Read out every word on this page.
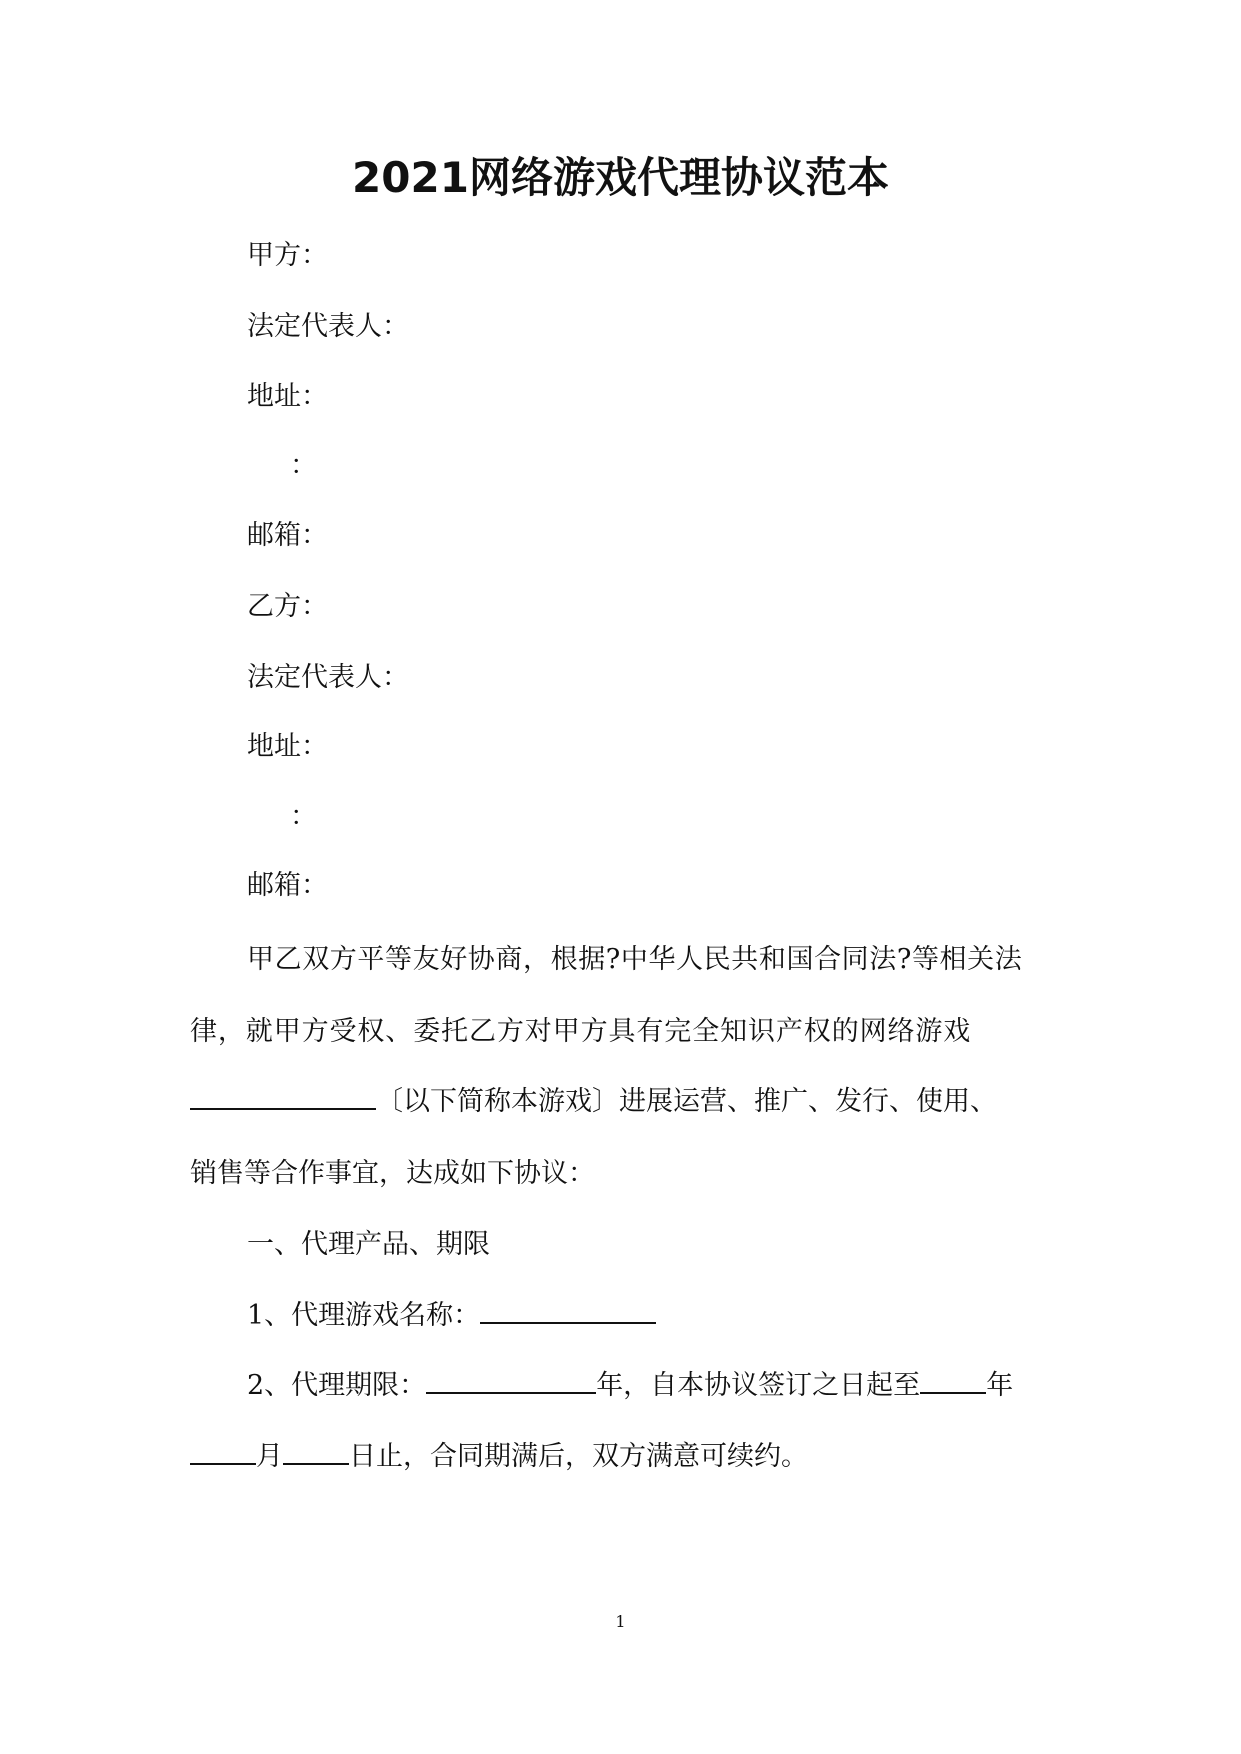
2021网络游戏代理协议范本
甲方：
法定代表人：
地址：
：
邮箱：
乙方：
法定代表人：
地址：
：
邮箱：
甲乙双方平等友好协商，根据?中华人民共和国合同法?等相关法
律，就甲方受权、委托乙方对甲方具有完全知识产权的网络游戏
〔以下简称本游戏〕进展运营、推广、发行、使用、
销售等合作事宜，达成如下协议：
一、代理产品、期限
1、代理游戏名称：
2、代理期限：	年，自本协议签订之日起至 年
月 日止，合同期满后，双方满意可续约。
1
